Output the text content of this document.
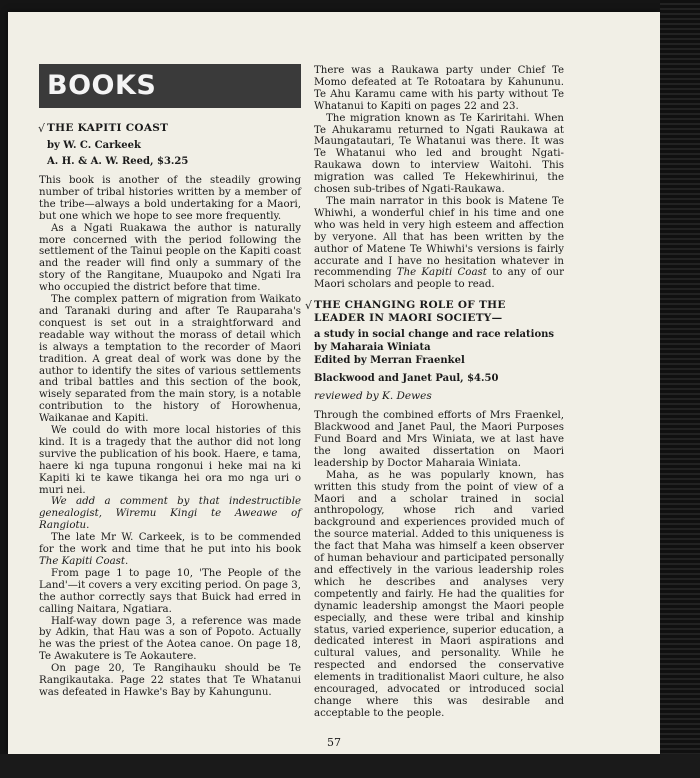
BOOKS
√ THE KAPITI COAST
by W. C. Carkeek
A. H. & A. W. Reed, $3.25

This book is another of the steadily growing number of tribal histories written by a member of the tribe—always a bold undertaking for a Maori, but one which we hope to see more frequently.

As a Ngati Ruakawa the author is naturally more concerned with the period following the settlement of the Tainui people on the Kapiti coast and the reader will find only a summary of the story of the Rangitane, Muaupoko and Ngati Ira who occupied the district before that time.

The complex pattern of migration from Waikato and Taranaki during and after Te Rauparaha's conquest is set out in a straightforward and readable way without the morass of detail which is always a temptation to the recorder of Maori tradition. A great deal of work was done by the author to identify the sites of various settlements and tribal battles and this section of the book, wisely separated from the main story, is a notable contribution to the history of Horowhenua, Waikanae and Kapiti.

We could do with more local histories of this kind. It is a tragedy that the author did not long survive the publication of his book. Haere, e tama, haere ki nga tupuna rongonui i heke mai na ki Kapiti ki te kawe tikanga hei ora mo nga uri o muri nei.

We add a comment by that indestructible genealogist, Wiremu Kingi te Aweawe of Rangiotu.

The late Mr W. Carkeek, is to be commended for the work and time that he put into his book The Kapiti Coast.

From page 1 to page 10, 'The People of the Land'—it covers a very exciting period. On page 3, the author correctly says that Buick had erred in calling Naitara, Ngatiara.

Half-way down page 3, a reference was made by Adkin, that Hau was a son of Popoto. Actually he was the priest of the Aotea canoe. On page 18, Te Awakutere is Te Aokautere.

On page 20, Te Rangihauku should be Te Rangikautaka. Page 22 states that Te Whatanui was defeated in Hawke's Bay by Kahungunu.

There was a Raukawa party under Chief Te Momo defeated at Te Rotoatara by Kahununu. Te Ahu Karamu came with his party without Te Whatanui to Kapiti on pages 22 and 23.

The migration known as Te Kariritahi. When Te Ahukaramu returned to Ngati Raukawa at Maungatautari, Te Whatanui was there. It was Te Whatanui who led and brought Ngati-Raukawa down to interview Waitohi. This migration was called Te Hekewhirinui, the chosen sub-tribes of Ngati-Raukawa.

The main narrator in this book is Matene Te Whiwhi, a wonderful chief in his time and one who was held in very high esteem and affection by veryone. All that has been written by the author of Matene Te Whiwhi's versions is fairly accurate and I have no hesitation whatever in recommending The Kapiti Coast to any of our Maori scholars and people to read.

√ THE CHANGING ROLE OF THE
LEADER IN MAORI SOCIETY—
a study in social change and race relations
by Maharaia Winiata
Edited by Merran Fraenkel
Blackwood and Janet Paul, $4.50
reviewed by K. Dewes

Through the combined efforts of Mrs Fraenkel, Blackwood and Janet Paul, the Maori Purposes Fund Board and Mrs Winiata, we at last have the long awaited dissertation on Maori leadership by Doctor Maharaia Winiata.

Maha, as he was popularly known, has written this study from the point of view of a Maori and a scholar trained in social anthropology, whose rich and varied background and experiences provided much of the source material. Added to this uniqueness is the fact that Maha was himself a keen observer of human behaviour and participated personally and effectively in the various leadership roles which he describes and analyses very competently and fairly. He had the qualities for dynamic leadership amongst the Maori people especially, and these were tribal and kinship status, varied experience, superior education, a dedicated interest in Maori aspirations and cultural values, and personality. While he respected and endorsed the conservative elements in traditionalist Maori culture, he also encouraged, advocated or introduced social change where this was desirable and acceptable to the people.

57
